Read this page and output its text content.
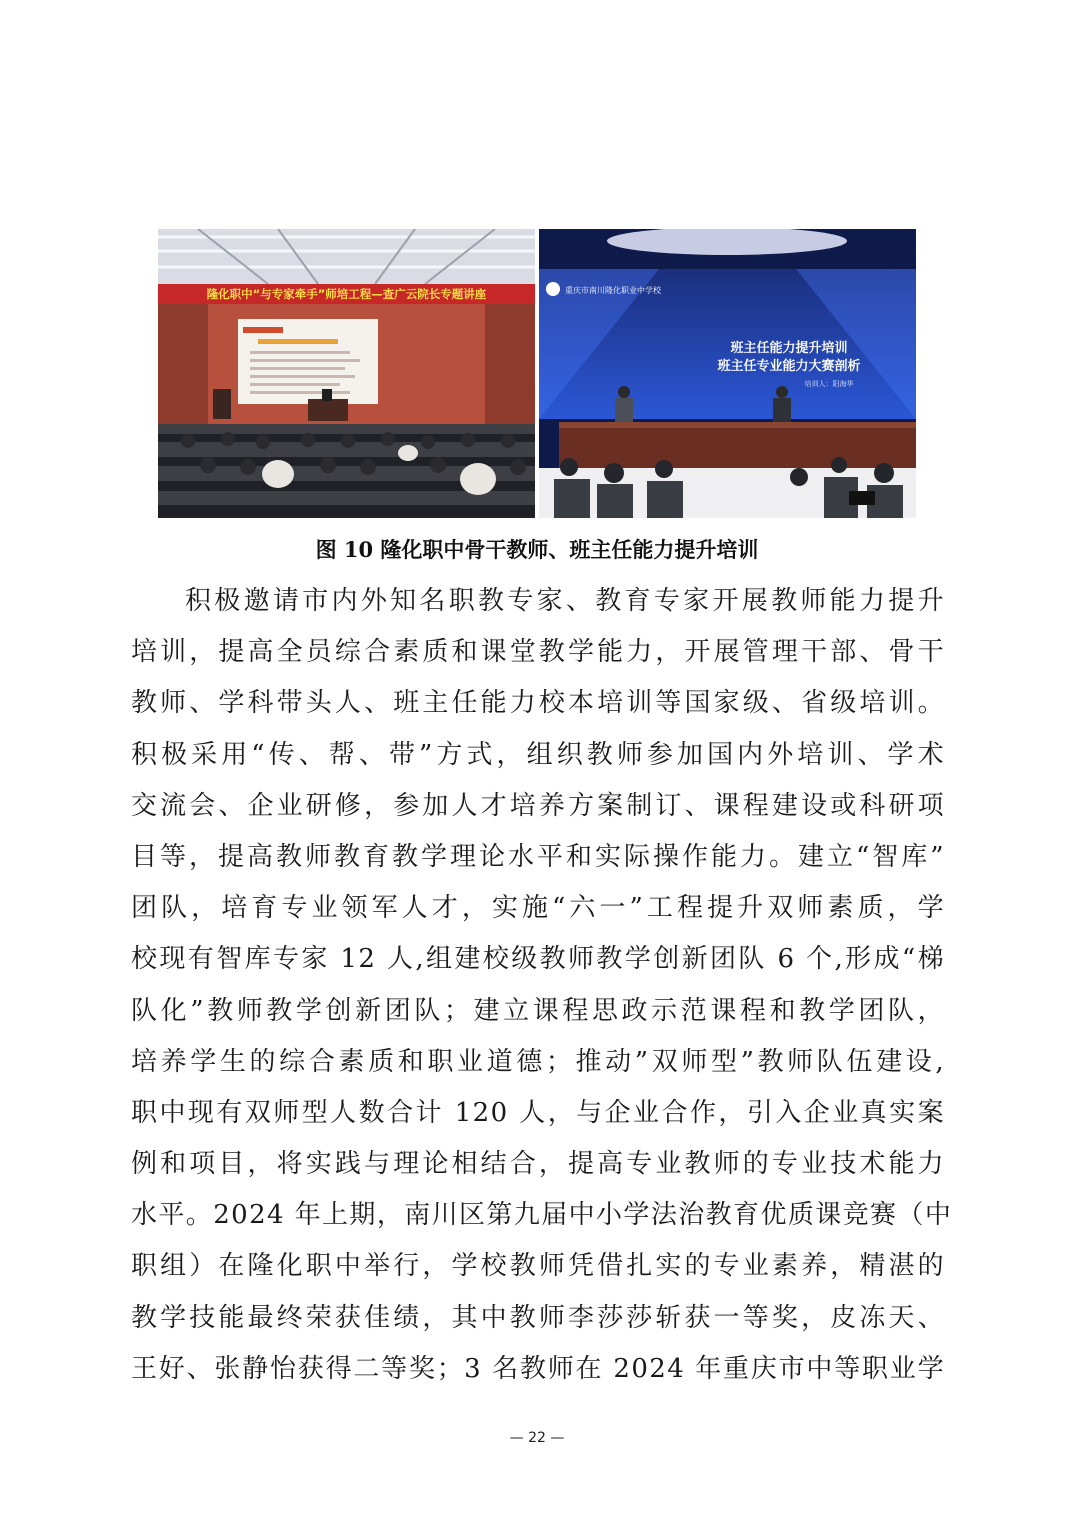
隆化职中“与专家牵手”师培工程—查广云院长专题讲座	重庆市南川隆化职业中学校
班主任能力提升培训
班主任专业能力大赛剖析
培训人：阳海华
图 10 隆化职中骨干教师、班主任能力提升培训
积极邀请市内外知名职教专家、教育专家开展教师能力提升
培训，提高全员综合素质和课堂教学能力，开展管理干部、骨干
教师、学科带头人、班主任能力校本培训等国家级、省级培训。
积极采用“传、帮、带”方式，组织教师参加国内外培训、学术
交流会、企业研修，参加人才培养方案制订、课程建设或科研项
目等，提高教师教育教学理论水平和实际操作能力。建立“智库”
团队，培育专业领军人才，实施“六一”工程提升双师素质，学
校现有智库专家 12 人,组建校级教师教学创新团队 6 个,形成“梯
队化”教师教学创新团队；建立课程思政示范课程和教学团队，
培养学生的综合素质和职业道德；推动”双师型”教师队伍建设,
职中现有双师型人数合计 120 人，与企业合作，引入企业真实案
例和项目，将实践与理论相结合，提高专业教师的专业技术能力
水平。2024 年上期，南川区第九届中小学法治教育优质课竞赛（中
职组）在隆化职中举行，学校教师凭借扎实的专业素养，精湛的
教学技能最终荣获佳绩，其中教师李莎莎斩获一等奖，皮冻天、
王好、张静怡获得二等奖；3 名教师在 2024 年重庆市中等职业学
— 22 —
